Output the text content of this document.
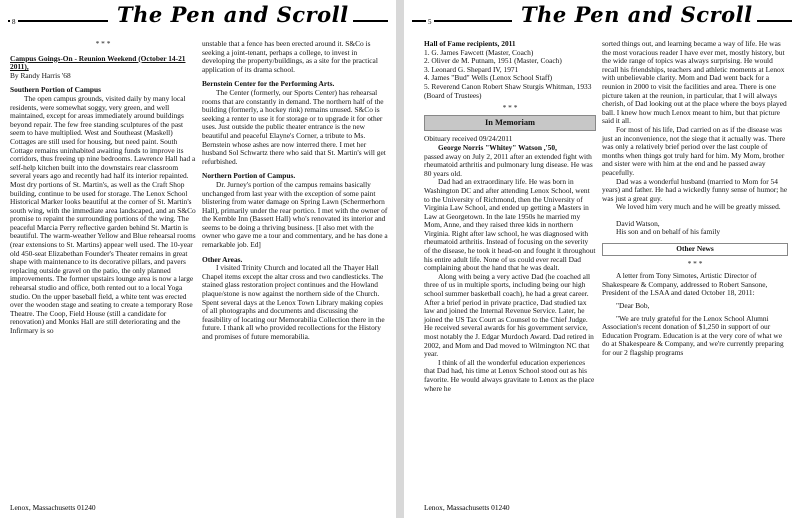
8	The Pen and Scroll

* * *

Campus Goings-On - Reunion Weekend (October 14-21 2011),

By Randy Harris '68

Southern Portion of Campus

The open campus grounds, visited daily by many local residents, were somewhat soggy, very green, and well maintained, except for areas immediately around buildings beyond repair. The few free standing sculptures of the past seem to have multiplied. West and Southeast (Maskell) Cottages are still used for housing, but need paint. South Cottage remains uninhabited awaiting funds to improve its corridors, thus freeing up nine bedrooms. Lawrence Hall had a self-help kitchen built into the downstairs rear classroom several years ago and recently had half its interior repainted. Most dry portions of St. Martin's, as well as the Craft Shop building, continue to be used for storage. The Lenox School Historical Marker looks beautiful at the corner of St. Martin's south wing, with the immediate area landscaped, and an S&Co promise to repaint the surrounding portions of the wing. The peaceful Marcia Perry reflective garden behind St. Martin is beautiful. The warm-weather Yellow and Blue rehearsal rooms (rear extensions to St. Martins) appear well used. The 10-year old 450-seat Elizabethan Founder's Theater remains in great shape with maintenance to its decorative pillars, and pavers replacing outside gravel on the patio, the only planned improvements. The former upstairs lounge area is now a large rehearsal studio and office, both rented out to a local Yoga studio. On the upper baseball field, a white tent was erected over the wooden stage and seating to create a temporary Rose Theatre. The Coop, Field House (still a candidate for renovation) and Monks Hall are still deteriorating and the Infirmary is so

unstable that a fence has been erected around it. S&Co is seeking a joint-tenant, perhaps a college, to invest in developing the property/buildings, as a site for the practical application of its drama school.

Bernstein Center for the Performing Arts.

The Center (formerly, our Sports Center) has rehearsal rooms that are constantly in demand. The northern half of the building (formerly, a hockey rink) remains unused. S&Co is seeking a renter to use it for storage or to upgrade it for other uses. Just outside the public theater entrance is the new beautiful and peaceful Elayne's Corner, a tribute to Ms. Bernstein whose ashes are now interred there. I met her husband Sol Schwartz there who said that St. Martin's will get refurbished.

Northern Portion of Campus.

Dr. Jurney's portion of the campus remains basically unchanged from last year with the exception of some paint blistering from water damage on Spring Lawn (Schermerhorn Hall), primarily under the rear portico. I met with the owner of the Kemble Inn (Bassett Hall) who's renovated its interior and seems to be doing a thriving business. [I also met with the owner who gave me a tour and commentary, and he has done a remarkable job. Ed]

Other Areas.

I visited Trinity Church and located all the Thayer Hall Chapel items except the altar cross and two candlesticks. The stained glass restoration project continues and the Howland plaque/stone is now against the northern side of the Church. Spent several days at the Lenox Town Library making copies of all photographs and documents and discussing the feasibility of locating our Memorabilia Collection there in the future. I thank all who provided recollections for the History and promises of future memorabilia.

Lenox, Massachusetts 01240
5	The Pen and Scroll

Hall of Fame recipients, 2011

1. G. James Fawcett (Master, Coach)

2. Oliver de M. Putnam, 1951 (Master, Coach)

3. Leonard G. Shepard IV, 1971

4. James "Bud" Wells (Lenox School Staff)

5. Reverend Canon Robert Shaw Sturgis Whitman, 1933 (Board of Trustees)

* * *

In Memoriam

Obituary received 09/24/2011

George Norris "Whitey" Watson ,'50,

passed away on July 2, 2011 after an extended fight with rheumatoid arthritis and pulmonary lung disease. He was 80 years old.

Dad had an extraordinary life. He was born in Washington DC and after attending Lenox School, went to the University of Richmond, then the University of Virginia Law School, and ended up getting a Masters in Law at Georgetown. In the late 1950s he married my Mom, Anne, and they raised three kids in northern Virginia. Right after law school, he was diagnosed with rheumatoid arthritis. Instead of focusing on the severity of the disease, he took it head-on and fought it throughout his entire adult life. None of us could ever recall Dad complaining about the hand that he was dealt.

Along with being a very active Dad (he coached all three of us in multiple sports, including being our high school summer basketball coach), he had a great career. After a brief period in private practice, Dad studied tax law and joined the Internal Revenue Service. Later, he joined the US Tax Court as Counsel to the Chief Judge. He received several awards for his government service, most notably the J. Edgar Murdoch Award. Dad retired in 2002, and Mom and Dad moved to Wilmington NC that year.

I think of all the wonderful education experiences that Dad had, his time at Lenox School stood out as his favorite. He would always gravitate to Lenox as the place where he

sorted things out, and learning became a way of life. He was the most voracious reader I have ever met, mostly history, but the wide range of topics was always surprising. He would recall his friendships, teachers and athletic moments at Lenox with unbelievable clarity. Mom and Dad went back for a reunion in 2000 to visit the facilities and area. There is one picture taken at the reunion, in particular, that I will always cherish, of Dad looking out at the place where the boys played ball. I knew how much Lenox meant to him, but that picture said it all.

For most of his life, Dad carried on as if the disease was just an inconvenience, not the siege that it actually was. There was only a relatively brief period over the last couple of months when things got truly hard for him. My Mom, brother and sister were with him at the end and he passed away peacefully.

Dad was a wonderful husband (married to Mom for 54 years) and father. He had a wickedly funny sense of humor; he was just a great guy.

We loved him very much and he will be greatly missed.

David Watson,

His son and on behalf of his family

Other News

* * *

A letter from Tony Simotes, Artistic Director of Shakespeare & Company, addressed to Robert Sansone, President of the LSAA and dated October 18, 2011:

"Dear Bob,

"We are truly grateful for the Lenox School Alumni Association's recent donation of $1,250 in support of our Education Program. Education is at the very core of what we do at Shakespeare & Company, and we're currently preparing for our 2 flagship programs

Lenox, Massachusetts 01240
